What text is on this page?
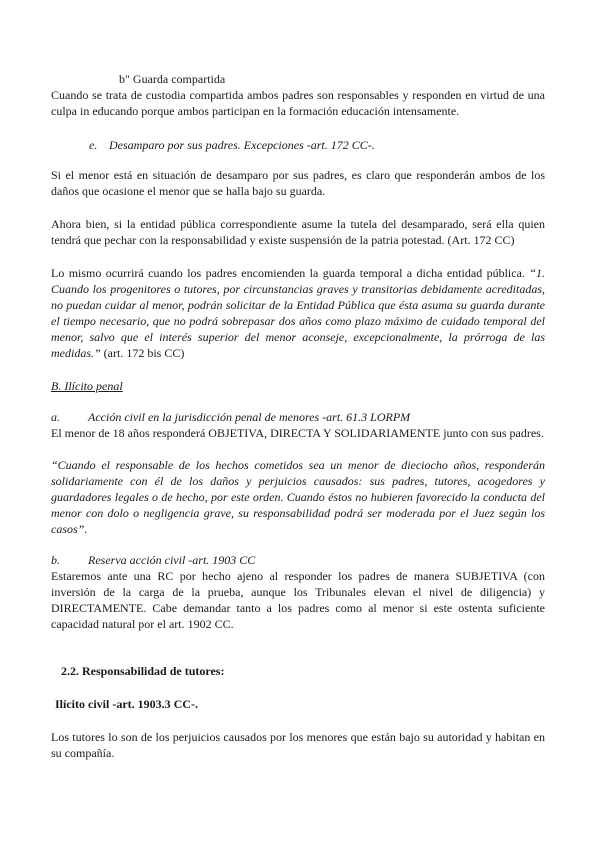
b" Guarda compartida

Cuando se trata de custodia compartida ambos padres son responsables y responden en virtud de una culpa in educando porque ambos participan en la formación educación intensamente.

e. Desamparo por sus padres. Excepciones -art. 172 CC-.

Si el menor está en situación de desamparo por sus padres, es claro que responderán ambos de los daños que ocasione el menor que se halla bajo su guarda.

Ahora bien, si la entidad pública correspondiente asume la tutela del desamparado, será ella quien tendrá que pechar con la responsabilidad y existe suspensión de la patria potestad. (Art. 172 CC)

Lo mismo ocurrirá cuando los padres encomienden la guarda temporal a dicha entidad pública. “1. Cuando los progenitores o tutores, por circunstancias graves y transitorias debidamente acreditadas, no puedan cuidar al menor, podrán solicitar de la Entidad Pública que ésta asuma su guarda durante el tiempo necesario, que no podrá sobrepasar dos años como plazo máximo de cuidado temporal del menor, salvo que el interés superior del menor aconseje, excepcionalmente, la prórroga de las medidas.” (art. 172 bis CC)

B. Ilícito penal
a. Acción civil en la jurisdicción penal de menores -art. 61.3 LORPM

El menor de 18 años responderá OBJETIVA, DIRECTA Y SOLIDARIAMENTE junto con sus padres.

“Cuando el responsable de los hechos cometidos sea un menor de dieciocho años, responderán solidariamente con él de los daños y perjuicios causados: sus padres, tutores, acogedores y guardadores legales o de hecho, por este orden. Cuando éstos no hubieren favorecido la conducta del menor con dolo o negligencia grave, su responsabilidad podrá ser moderada por el Juez según los casos”.

b. Reserva acción civil -art. 1903 CC

Estaremos ante una RC por hecho ajeno al responder los padres de manera SUBJETIVA (con inversión de la carga de la prueba, aunque los Tribunales elevan el nivel de diligencia) y DIRECTAMENTE. Cabe demandar tanto a los padres como al menor si este ostenta suficiente capacidad natural por el art. 1902 CC.

2.2. Responsabilidad de tutores:
Ilícito civil -art. 1903.3 CC-.

Los tutores lo son de los perjuicios causados por los menores que están bajo su autoridad y habitan en su compañía.
